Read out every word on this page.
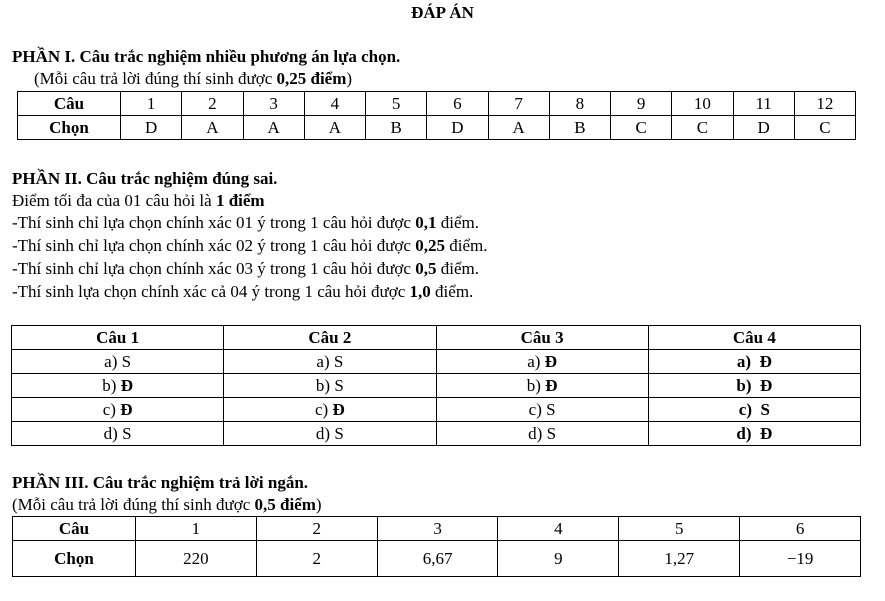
ĐÁP ÁN
PHẦN I. Câu trắc nghiệm nhiều phương án lựa chọn.
(Mỗi câu trả lời đúng thí sinh được 0,25 điểm)
Câu	1	2	3	4	5	6	7	8	9	10	11	12
Chọn	D	A	A	A	B	D	A	B	C	C	D	C
PHẦN II. Câu trắc nghiệm đúng sai.
Điểm tối đa của 01 câu hỏi là 1 điểm
-Thí sinh chỉ lựa chọn chính xác 01 ý trong 1 câu hỏi được 0,1 điểm.
-Thí sinh chỉ lựa chọn chính xác 02 ý trong 1 câu hỏi được 0,25 điểm.
-Thí sinh chỉ lựa chọn chính xác 03 ý trong 1 câu hỏi được 0,5 điểm.
-Thí sinh lựa chọn chính xác cả 04 ý trong 1 câu hỏi được 1,0 điểm.
Câu 1	Câu 2	Câu 3	Câu 4
a) S	a) S	a) Đ	a) Đ
b) Đ	b) S	b) Đ	b) Đ
c) Đ	c) Đ	c) S	c) S
d) S	d) S	d) S	d) Đ
PHẦN III. Câu trắc nghiệm trả lời ngắn.
(Mỗi câu trả lời đúng thí sinh được 0,5 điểm)
Câu	1	2	3	4	5	6
Chọn	220	2	6,67	9	1,27	−19
